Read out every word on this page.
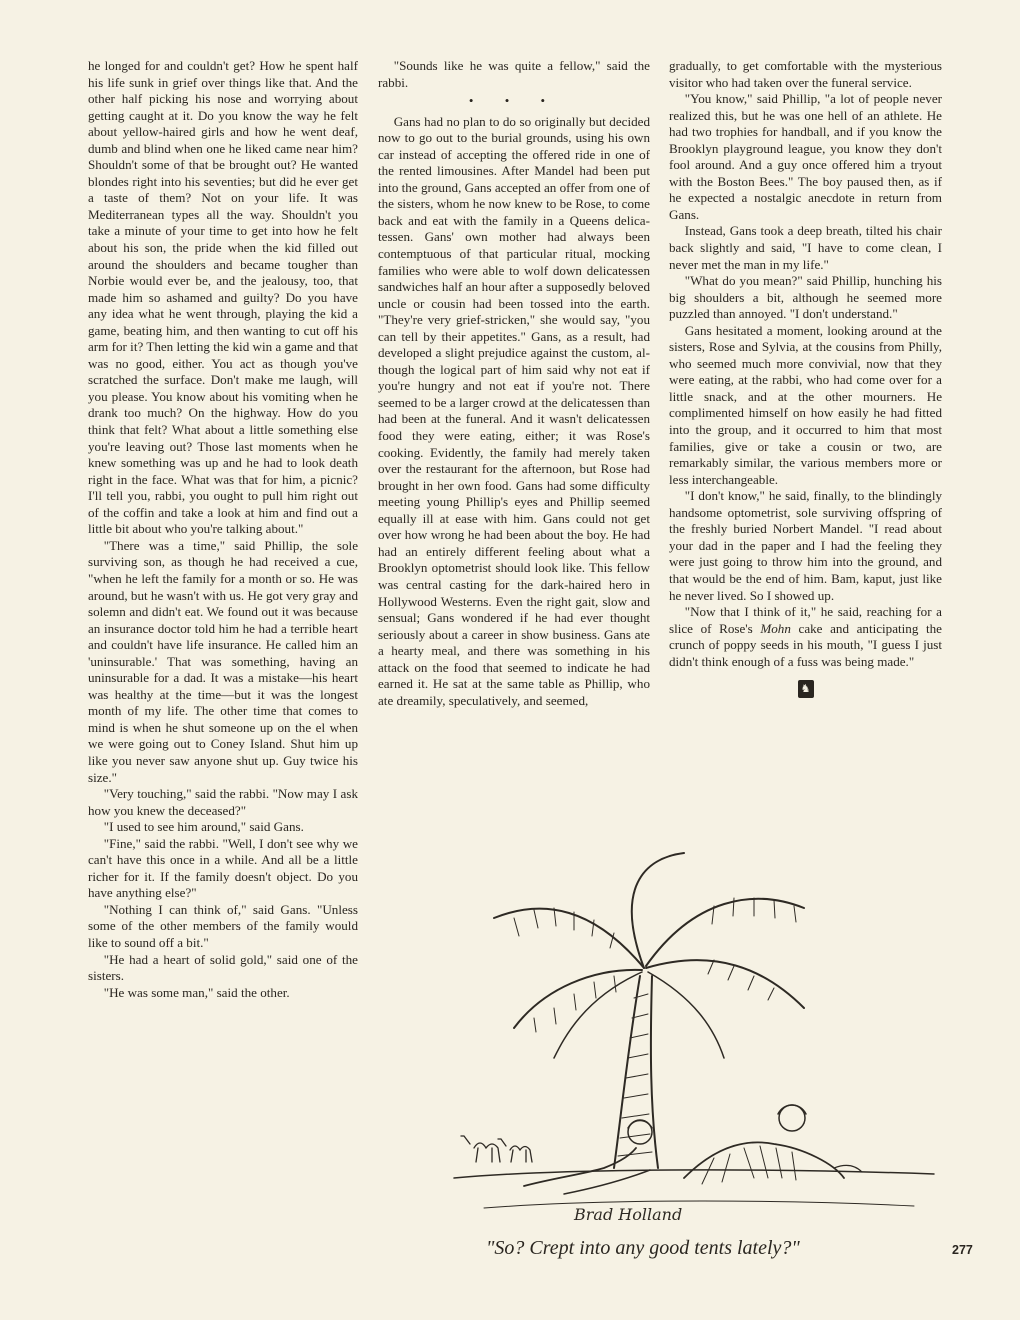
he longed for and couldn't get? How he spent half his life sunk in grief over things like that. And the other half picking his nose and worrying about getting caught at it. Do you know the way he felt about yellow-haired girls and how he went deaf, dumb and blind when one he liked came near him? Shouldn't some of that be brought out? He wanted blondes right into his seventies; but did he ever get a taste of them? Not on your life. It was Mediterranean types all the way. Shouldn't you take a minute of your time to get into how he felt about his son, the pride when the kid filled out around the shoulders and became tougher than Norbie would ever be, and the jealousy, too, that made him so ashamed and guilty? Do you have any idea what he went through, playing the kid a game, beating him, and then wanting to cut off his arm for it? Then letting the kid win a game and that was no good, either. You act as though you've scratched the surface. Don't make me laugh, will you please. You know about his vomiting when he drank too much? On the highway. How do you think that felt? What about a little something else you're leaving out? Those last moments when he knew something was up and he had to look death right in the face. What was that for him, a picnic? I'll tell you, rabbi, you ought to pull him right out of the coffin and take a look at him and find out a little bit about who you're talking about."

"There was a time," said Phillip, the sole surviving son, as though he had received a cue, "when he left the family for a month or so. He was around, but he wasn't with us. He got very gray and solemn and didn't eat. We found out it was because an insurance doctor told him he had a terrible heart and couldn't have life insurance. He called him an 'uninsurable.' That was something, having an uninsurable for a dad. It was a mistake—his heart was healthy at the time—but it was the longest month of my life. The other time that comes to mind is when he shut someone up on the el when we were going out to Coney Island. Shut him up like you never saw anyone shut up. Guy twice his size."

"Very touching," said the rabbi. "Now may I ask how you knew the deceased?"

"I used to see him around," said Gans.

"Fine," said the rabbi. "Well, I don't see why we can't have this once in a while. And all be a little richer for it. If the family doesn't object. Do you have anything else?"

"Nothing I can think of," said Gans. "Unless some of the other members of the family would like to sound off a bit."

"He had a heart of solid gold," said one of the sisters.

"He was some man," said the other.

"Sounds like he was quite a fellow," said the rabbi.

• • •

Gans had no plan to do so originally but decided now to go out to the burial grounds, using his own car instead of accepting the offered ride in one of the rented limousines. After Mandel had been put into the ground, Gans accepted an offer from one of the sisters, whom he now knew to be Rose, to come back and eat with the family in a Queens delicatessen. Gans' own mother had always been contemptuous of that particular ritual, mocking families who were able to wolf down delicatessen sandwiches half an hour after a supposedly beloved uncle or cousin had been tossed into the earth. "They're very grief-stricken," she would say, "you can tell by their appetites." Gans, as a result, had developed a slight prejudice against the custom, although the logical part of him said why not eat if you're hungry and not eat if you're not. There seemed to be a larger crowd at the delicatessen than had been at the funeral. And it wasn't delicatessen food they were eating, either; it was Rose's cooking. Evidently, the family had merely taken over the restaurant for the afternoon, but Rose had brought in her own food. Gans had some difficulty meeting young Phillip's eyes and Phillip seemed equally ill at ease with him. Gans could not get over how wrong he had been about the boy. He had had an entirely different feeling about what a Brooklyn optometrist should look like. This fellow was central casting for the dark-haired hero in Hollywood Westerns. Even the right gait, slow and sensual; Gans wondered if he had ever thought seriously about a career in show business. Gans ate a hearty meal, and there was something in his attack on the food that seemed to indicate he had earned it. He sat at the same table as Phillip, who ate dreamily, speculatively, and seemed,

gradually, to get comfortable with the mysterious visitor who had taken over the funeral service.

"You know," said Phillip, "a lot of people never realized this, but he was one hell of an athlete. He had two trophies for handball, and if you know the Brooklyn playground league, you know they don't fool around. And a guy once offered him a tryout with the Boston Bees." The boy paused then, as if he expected a nostalgic anecdote in return from Gans.

Instead, Gans took a deep breath, tilted his chair back slightly and said, "I have to come clean, I never met the man in my life."

"What do you mean?" said Phillip, hunching his big shoulders a bit, although he seemed more puzzled than annoyed. "I don't understand."

Gans hesitated a moment, looking around at the sisters, Rose and Sylvia, at the cousins from Philly, who seemed much more convivial, now that they were eating, at the rabbi, who had come over for a little snack, and at the other mourners. He complimented himself on how easily he had fitted into the group, and it occurred to him that most families, give or take a cousin or two, are remarkably similar, the various members more or less interchangeable.

"I don't know," he said, finally, to the blindingly handsome optometrist, sole surviving offspring of the freshly buried Norbert Mandel. "I read about your dad in the paper and I had the feeling they were just going to throw him into the ground, and that would be the end of him. Bam, kaput, just like he never lived. So I showed up.

"Now that I think of it," he said, reaching for a slice of Rose's Mohn cake and anticipating the crunch of poppy seeds in his mouth, "I guess I just didn't think enough of a fuss was being made."

♞
Brad Holland

"So? Crept into any good tents lately?"	277
